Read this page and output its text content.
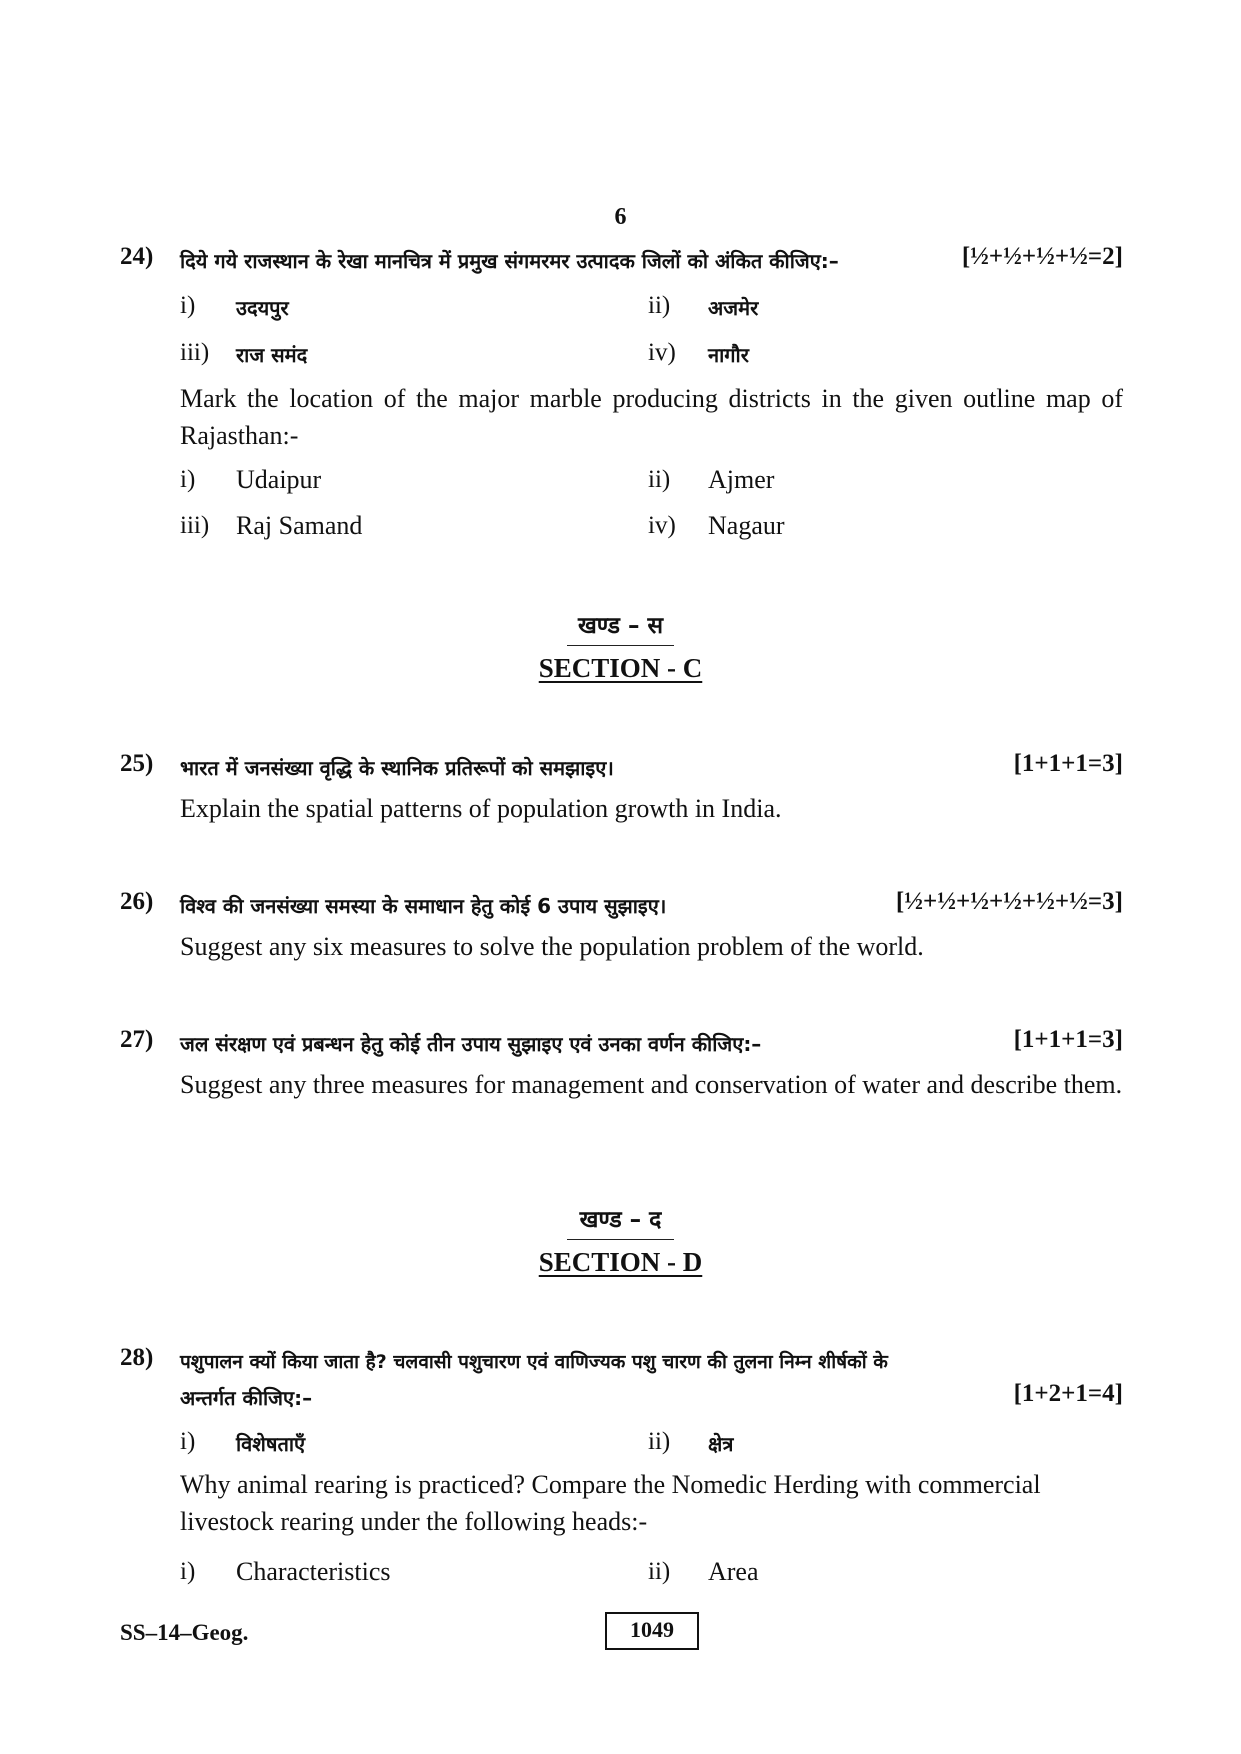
6
24) दिये गये राजस्थान के रेखा मानचित्र में प्रमुख संगमरमर उत्पादक जिलों को अंकित कीजिए:–	[½+½+½+½=2]
i) उदयपुर	ii) अजमेर
iii) राज समंद	iv) नागौर
Mark the location of the major marble producing districts in the given outline map of Rajasthan:-
i) Udaipur	ii) Ajmer
iii) Raj Samand	iv) Nagaur
खण्ड – स
SECTION - C
25) भारत में जनसंख्या वृद्धि के स्थानिक प्रतिरूपों को समझाइए।	[1+1+1=3]
Explain the spatial patterns of population growth in India.
26) विश्व की जनसंख्या समस्या के समाधान हेतु कोई 6 उपाय सुझाइए।	[½+½+½+½+½+½=3]
Suggest any six measures to solve the population problem of the world.
27) जल संरक्षण एवं प्रबन्धन हेतु कोई तीन उपाय सुझाइए एवं उनका वर्णन कीजिए:–	[1+1+1=3]
Suggest any three measures for management and conservation of water and describe them.
खण्ड – द
SECTION - D
28) पशुपालन क्यों किया जाता है? चलवासी पशुचारण एवं वाणिज्यक पशु चारण की तुलना निम्न शीर्षकों के
अन्तर्गत कीजिए:–	[1+2+1=4]
i) विशेषताएँ	ii) क्षेत्र
Why animal rearing is practiced? Compare the Nomedic Herding with commercial livestock rearing under the following heads:-
i) Characteristics	ii) Area
SS–14–Geog.	1049
